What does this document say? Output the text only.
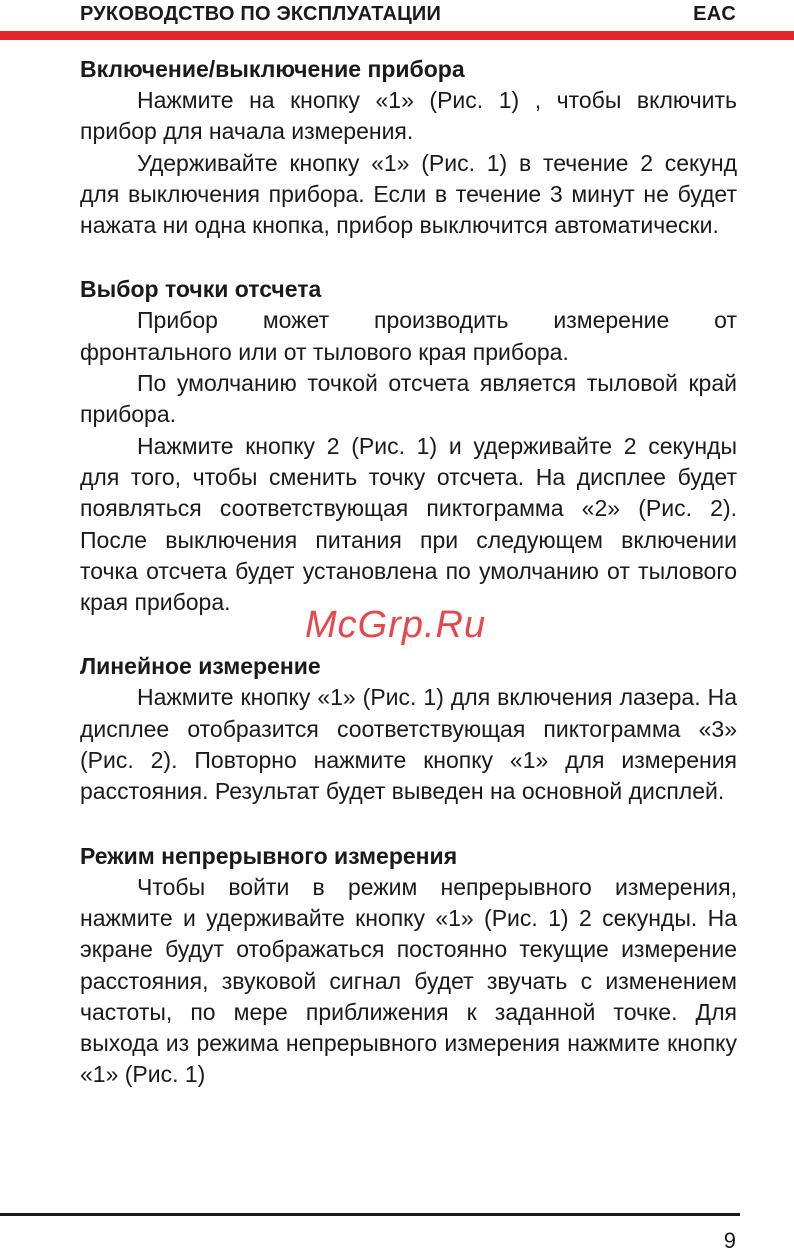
РУКОВОДСТВО ПО ЭКСПЛУАТАЦИИ	EAC
Включение/выключение прибора

Нажмите на кнопку «1» (Рис. 1) , чтобы включить прибор для начала измерения.

Удерживайте кнопку «1» (Рис. 1) в течение 2 секунд для выключения прибора. Если в течение 3 минут не будет нажата ни одна кнопка, прибор выключится автоматически.

Выбор точки отсчета

Прибор может производить измерение от фронтального или от тылового края прибора.

По умолчанию точкой отсчета является тыловой край прибора.

Нажмите кнопку 2 (Рис. 1) и удерживайте 2 секунды для того, чтобы сменить точку отсчета. На дисплее будет появляться соответствующая пиктограмма «2» (Рис. 2). После выключения питания при следующем включении точка отсчета будет установлена по умолчанию от тылового края прибора.

Линейное измерение

Нажмите кнопку «1» (Рис. 1) для включения лазера. На дисплее отобразится соответствующая пиктограмма «3» (Рис. 2). Повторно нажмите кнопку «1» для измерения расстояния. Результат будет выведен на основной дисплей.

Режим непрерывного измерения

Чтобы войти в режим непрерывного измерения, нажмите и удерживайте кнопку «1» (Рис. 1) 2 секунды. На экране будут отображаться постоянно текущие измерение расстояния, звуковой сигнал будет звучать с изменением частоты, по мере приближения к заданной точке. Для выхода из режима непрерывного измерения нажмите кнопку «1» (Рис. 1)

McGrp.Ru
9
